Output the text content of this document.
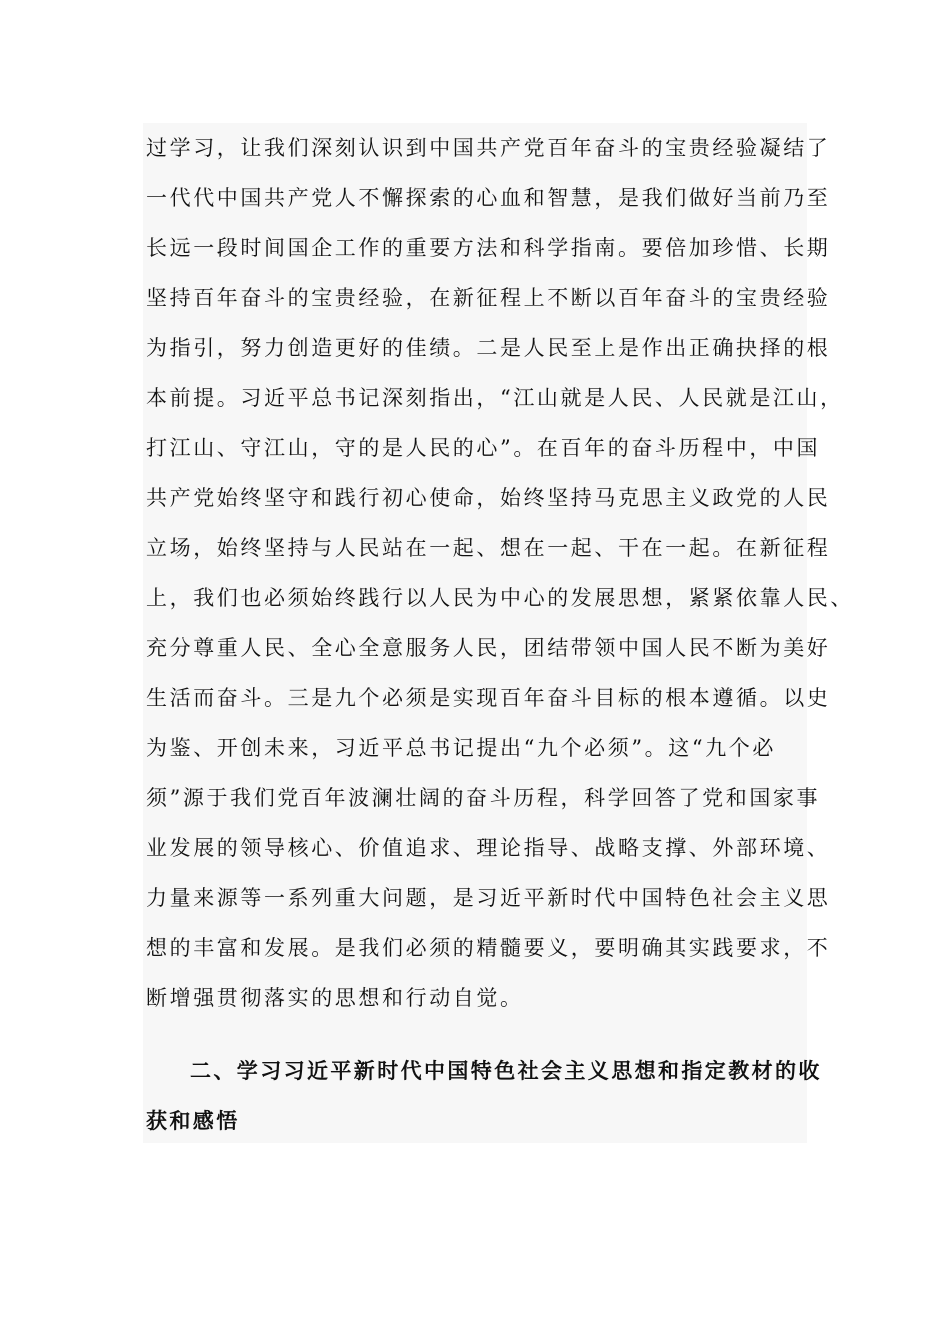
过学习，让我们深刻认识到中国共产党百年奋斗的宝贵经验凝结了
一代代中国共产党人不懈探索的心血和智慧，是我们做好当前乃至
长远一段时间国企工作的重要方法和科学指南。要倍加珍惜、长期
坚持百年奋斗的宝贵经验，在新征程上不断以百年奋斗的宝贵经验
为指引，努力创造更好的佳绩。二是人民至上是作出正确抉择的根
本前提。习近平总书记深刻指出，“江山就是人民、人民就是江山，
打江山、守江山，守的是人民的心”。在百年的奋斗历程中，中国
共产党始终坚守和践行初心使命，始终坚持马克思主义政党的人民
立场，始终坚持与人民站在一起、想在一起、干在一起。在新征程
上，我们也必须始终践行以人民为中心的发展思想，紧紧依靠人民、
充分尊重人民、全心全意服务人民，团结带领中国人民不断为美好
生活而奋斗。三是九个必须是实现百年奋斗目标的根本遵循。以史
为鉴、开创未来，习近平总书记提出“九个必须”。这“九个必
须”源于我们党百年波澜壮阔的奋斗历程，科学回答了党和国家事
业发展的领导核心、价值追求、理论指导、战略支撑、外部环境、
力量来源等一系列重大问题，是习近平新时代中国特色社会主义思
想的丰富和发展。是我们必须的精髓要义，要明确其实践要求，不
断增强贯彻落实的思想和行动自觉。
二、学习习近平新时代中国特色社会主义思想和指定教材的收
获和感悟
